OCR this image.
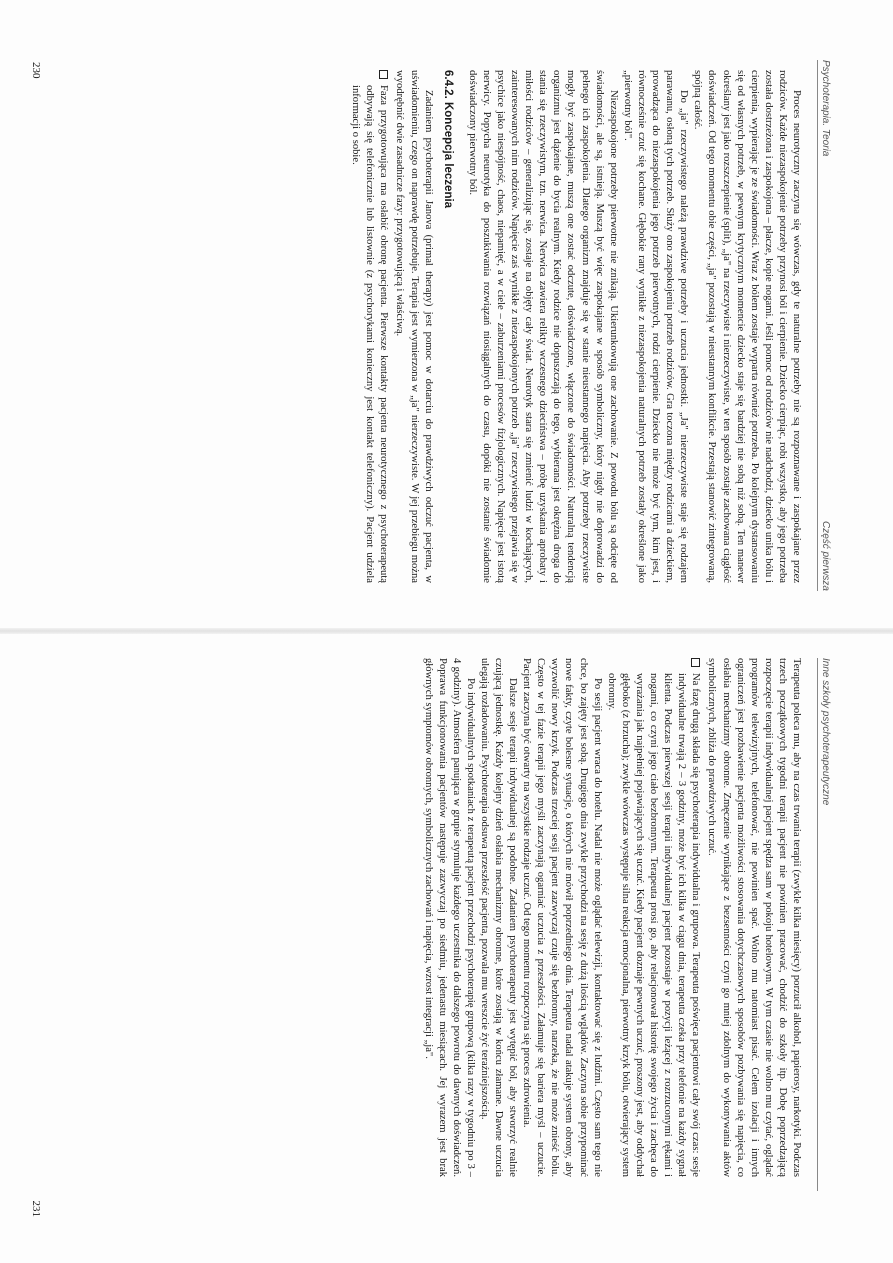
Psychoterapia. Teoria
Część pierwsza

Proces neurotyczny zaczyna się wówczas, gdy te naturalne potrzeby nie są rozpoznawane i zaspokajane przez rodziców. Każde niezaspokojenie potrzeby przynosi ból i cierpienie. Dziecko cierpiąc, robi wszystko, aby jego potrzeba została dostrzeżona i zaspokojona – płacze, kopie nogami. Jeśli pomoc od rodziców nie nadchodzi, dziecko unika bólu i cierpienia, wypierając je ze świadomości. Wraz z bólem zostaje wyparta również potrzeba. Po kolejnym dystansowaniu się od własnych potrzeb, w pewnym krytycznym momencie dziecko staje się bardziej nie sobą niż sobą. Ten manewr określany jest jako rozszczepienie (split), „ja" na rzeczywiste i nierzeczywiste, w ten sposób zostaje zachowana ciągłość doświadczeń. Od tego momentu obie części, „ja" pozostają w nieustannym konflikcie. Przestają stanowić zintegrowaną, spójną całość.

Do „ja" rzeczywistego należą prawdziwe potrzeby i uczucia jednostki. „Ja" nierzeczywiste staje się rodzajem parawanu, osłoną tych potrzeb. Służy ono zaspokojeniu potrzeb rodziców. Gra toczona między rodzicami a dzieckiem, prowadząca do niezaspokojenia jego potrzeb pierwotnych, rodzi cierpienie. Dziecko nie może być tym, kim jest, i równocześnie czuć się kochane. Głębokie rany wynikłe z niezaspokojenia naturalnych potrzeb zostały określone jako „pierwotny ból".

Niezaspokojone potrzeby pierwotne nie znikają. Ukierunkowują one zachowanie. Z powodu bólu są odcięte od świadomości, ale są, istnieją. Muszą być więc zaspokajane w sposób symboliczny, który nigdy nie doprowadzi do pełnego ich zaspokojenia. Dlatego organizm znajduje się w stanie nieustannego napięcia. Aby potrzeby rzeczywiste mogły być zaspokajane, muszą one zostać odczute, doświadczone, włączone do świadomości. Naturalną tendencją organizmu jest dążenie do bycia realnym. Kiedy rodzice nie dopuszczają do tego, wybierana jest okrężna droga do stania się rzeczywistym, tzn. nerwica. Nerwica zawiera relikty wczesnego dzieciństwa – próbę uzyskania aprobaty i miłości rodziców – generalizując się, zostaje na objęty cały świat. Neurotyk stara się zmienić ludzi w kochających, zainteresowanych nim rodziców. Napięcie zaś wynikłe z niezaspokojonych potrzeb „ja" rzeczywistego przejawia się w psychice jako niespójność, chaos, niepamięć, a w ciele – zaburzeniami procesów fizjologicznych. Napięcie jest istotą nerwicy. Popycha neurotyka do poszukiwania rozwiązań niosiągalnych do czasu, dopóki nie zostanie świadomie doświadczony pierwotny ból.

6.4.2. Koncepcja leczenia

Zadaniem psychoterapii Janova (primal therapy) jest pomoc w dotarciu do prawdziwych odczuć pacjenta, w uświadomieniu, czego on naprawdę potrzebuje. Terapia jest wymierzona w „ja" nierzeczywiste. W jej przebiegu można wyodrębnić dwie zasadnicze fazy: przygotowującą i właściwą.

Faza przygotowująca ma osłabić obronę pacjenta. Pierwsze kontakty pacjenta neurotycznego z psychoterapeutą odbywają się telefonicznie lub listownie (z psychorykami konieczny jest kontakt telefoniczny). Pacjent udziela informacji o sobie.

230
Inne szkoły psychoterapeutyczne

Terapeuta poleca mu, aby na czas trwania terapii (zwykle kilka miesięcy) porzucił alkohol, papierosy, narkotyki. Podczas trzech początkowych tygodni terapii pacjent nie powinien pracować, chodzić do szkoły itp. Dobę poprzedzającą rozpoczęcie terapii indywidualnej pacjent spędza sam w pokoju hotelowym. W tym czasie nie wolno mu czytać, oglądać programów telewizyjnych, telefonować, nie powinien spać. Wolno mu natomiast pisać. Celem izolacji i innych ograniczeń jest pozbawienie pacjenta możliwości stosowania dotychczasowych sposobów pozbywania się napięcia, co osłabia mechanizmy obronne. Zmęczenie wynikające z bezsenności czyni go mniej zdolnym do wykonywania aktów symbolicznych, zbliża do prawdziwych uczuć.

Na fazę drugą składa się psychoterapia indywidualna i grupowa. Terapeuta poświęca pacjentowi cały swój czas: sesje indywidualne trwają 2 – 3 godziny, może być ich kilka w ciągu dnia, terapeuta czeka przy telefonie na każdy sygnał klienta. Podczas pierwszej sesji terapii indywidualnej pacjent pozostaje w pozycji leżącej z rozrzuconymi rękami i nogami, co czyni jego ciało bezbronnym. Terapeuta prosi go, aby relacjonował historię swojego życia i zachęca do wyrażania jak najpełniej pojawiających się uczuć. Kiedy pacjent doznaje pewnych uczuć, proszony jest, aby oddychał głęboko (z brzucha); zwykle wówczas występuje silna reakcja emocjonalna, pierwotny krzyk bólu, otwierający system obronny.

Po sesji pacjent wraca do hotelu. Nadal nie może oglądać telewizji, kontaktować się z ludźmi. Często sam tego nie chce, bo zajęty jest sobą. Drugiego dnia zwykle przychodzi na sesję z dużą ilością wglądów. Zaczyna sobie przypominać nowe fakty, czyte bolesne sytuacje, o których nie mówił poprzedniego dnia. Terapeuta nadal atakuje system obrony, aby wyzwolić nowy krzyk. Podczas trzeciej sesji pacjent zazwyczaj czuje się bezbronny, narzeka, że nie może znieść bólu. Często w tej fazie terapii jego myśli zaczynają ogarniać uczucia z przeszłości. Załamuje się bariera myśl – uczucie. Pacjent zaczyna być otwarty na wszystkie rodzaje uczuć. Od tego momentu rozpoczyna się proces zdrowienia.

Dalsze sesje terapii indywidualnej są podobne. Zadaniem psychoterapeuty jest wytępić ból, aby stworzyć realnie czującą jednostkę. Każdy kolejny dzień osłabia mechanizmy obronne, które zostają w końcu złamane. Dawne uczucia ulegają rozładowaniu. Psychoterapia odsuwa przeszłość pacjenta, pozwala mu wreszcie żyć teraźniejszością.

Po indywidualnych spotkaniach z terapeutą pacjent przechodzi psychoterapię grupową (kilka razy w tygodniu po 3 – 4 godziny). Atmosfera panująca w grupie stymuluje każdego uczestnika do dalszego powrotu do dawnych doświadczeń. Poprawa funkcjonowania pacjentów następuje zazwyczaj po siedmiu, jedenastu miesiącach. Jej wyrazem jest brak głównych symptomów obronnych, symbolicznych zachowań i napięcia, wzrost integracji „ja".

231
